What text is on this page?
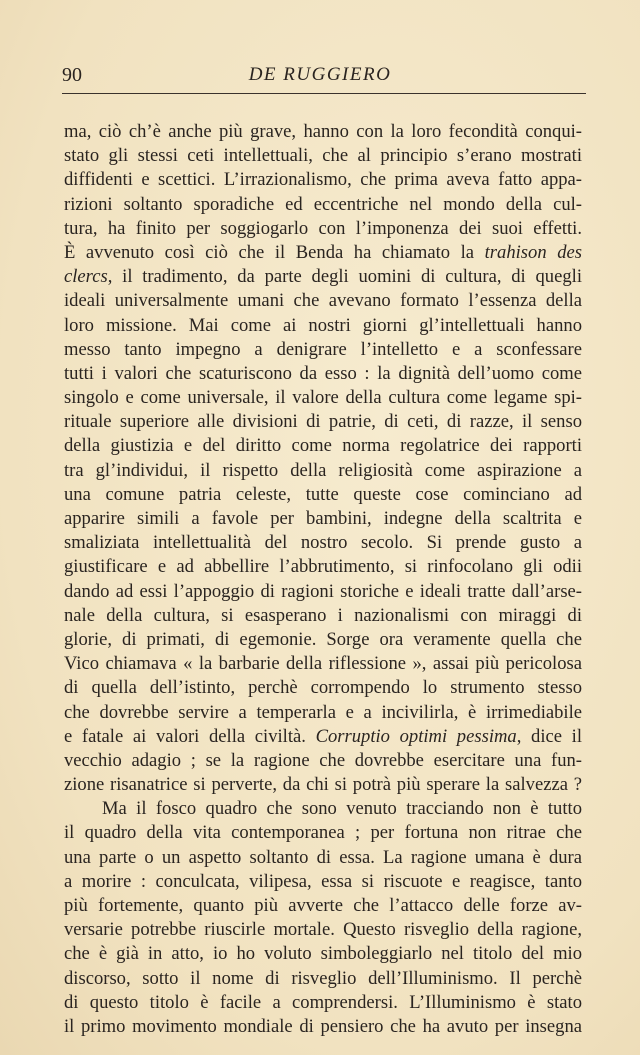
90	DE RUGGIERO
ma, ciò ch’è anche più grave, hanno con la loro fecondità conqui-
stato gli stessi ceti intellettuali, che al principio s’erano mostrati
diffidenti e scettici. L’irrazionalismo, che prima aveva fatto appa-
rizioni soltanto sporadiche ed eccentriche nel mondo della cul-
tura, ha finito per soggiogarlo con l’imponenza dei suoi effetti.
È avvenuto così ciò che il Benda ha chiamato la trahison des
clercs, il tradimento, da parte degli uomini di cultura, di quegli
ideali universalmente umani che avevano formato l’essenza della
loro missione. Mai come ai nostri giorni gl’intellettuali hanno
messo tanto impegno a denigrare l’intelletto e a sconfessare
tutti i valori che scaturiscono da esso : la dignità dell’uomo come
singolo e come universale, il valore della cultura come legame spi-
rituale superiore alle divisioni di patrie, di ceti, di razze, il senso
della giustizia e del diritto come norma regolatrice dei rapporti
tra gl’individui, il rispetto della religiosità come aspirazione a
una comune patria celeste, tutte queste cose cominciano ad
apparire simili a favole per bambini, indegne della scaltrita e
smaliziata intellettualità del nostro secolo. Si prende gusto a
giustificare e ad abbellire l’abbrutimento, si rinfocolano gli odii
dando ad essi l’appoggio di ragioni storiche e ideali tratte dall’arse-
nale della cultura, si esasperano i nazionalismi con miraggi di
glorie, di primati, di egemonie. Sorge ora veramente quella che
Vico chiamava « la barbarie della riflessione », assai più pericolosa
di quella dell’istinto, perchè corrompendo lo strumento stesso
che dovrebbe servire a temperarla e a incivilirla, è irrimediabile
e fatale ai valori della civiltà. Corruptio optimi pessima, dice il
vecchio adagio ; se la ragione che dovrebbe esercitare una fun-
zione risanatrice si perverte, da chi si potrà più sperare la salvezza ?
Ma il fosco quadro che sono venuto tracciando non è tutto
il quadro della vita contemporanea ; per fortuna non ritrae che
una parte o un aspetto soltanto di essa. La ragione umana è dura
a morire : conculcata, vilipesa, essa si riscuote e reagisce, tanto
più fortemente, quanto più avverte che l’attacco delle forze av-
versarie potrebbe riuscirle mortale. Questo risveglio della ragione,
che è già in atto, io ho voluto simboleggiarlo nel titolo del mio
discorso, sotto il nome di risveglio dell’Illuminismo. Il perchè
di questo titolo è facile a comprendersi. L’Illuminismo è stato
il primo movimento mondiale di pensiero che ha avuto per insegna
